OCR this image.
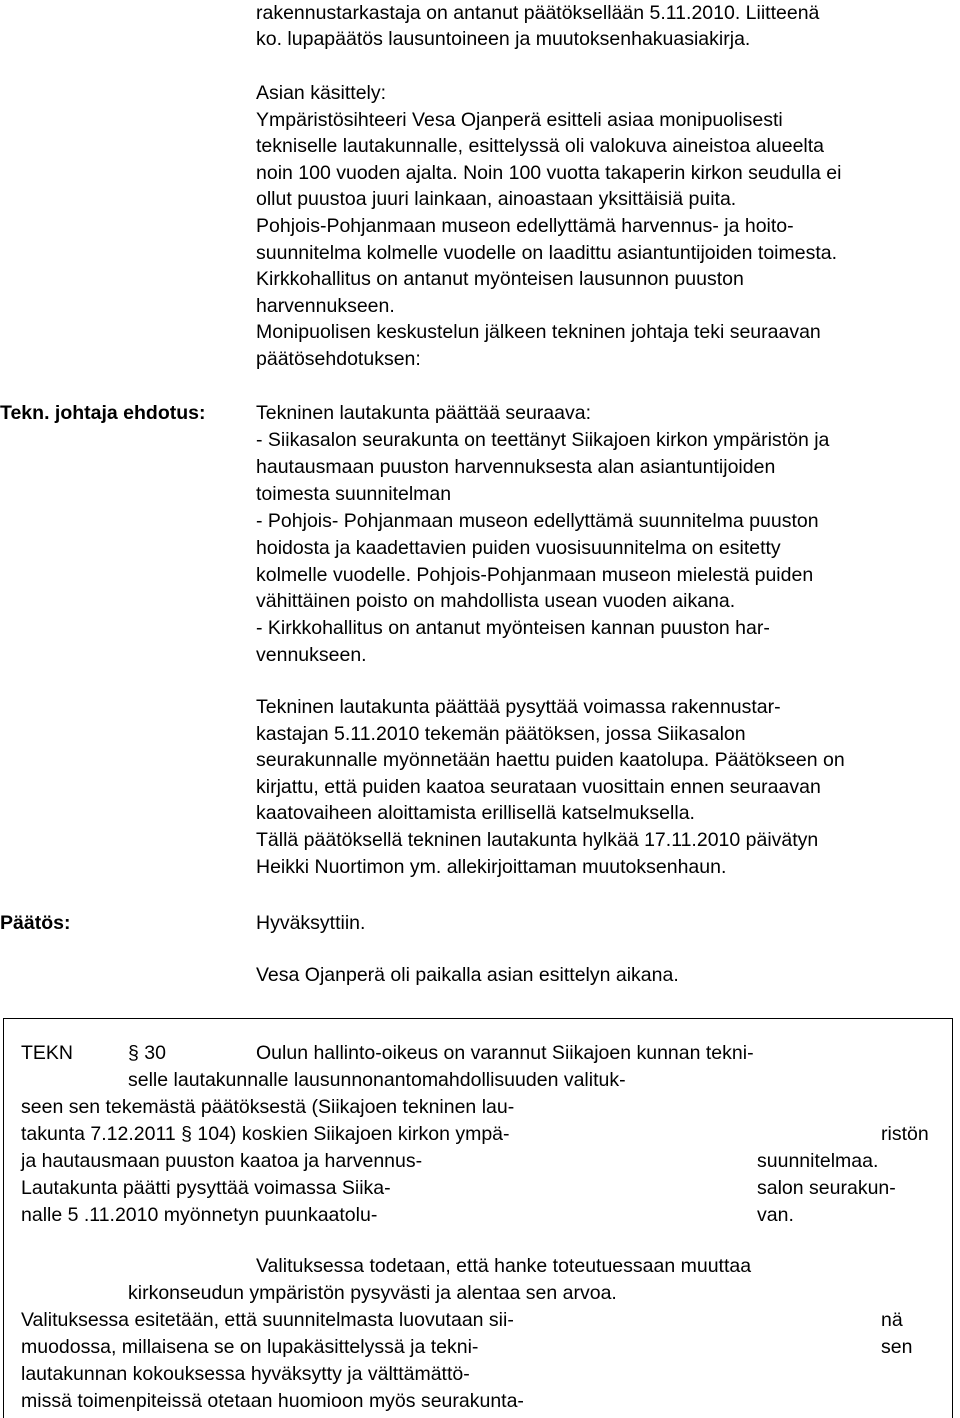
rakennustarkastaja on antanut päätöksellään 5.11.2010. Liitteenä
ko. lupapäätös lausuntoineen ja muutoksenhakuasiakirja.
Asian käsittely:
Ympäristösihteeri Vesa Ojanperä esitteli asiaa monipuolisesti
tekniselle lautakunnalle, esittelyssä oli valokuva aineistoa alueelta
noin 100 vuoden ajalta. Noin 100 vuotta takaperin kirkon seudulla ei
ollut puustoa juuri lainkaan, ainoastaan yksittäisiä puita.
Pohjois-Pohjanmaan museon edellyttämä harvennus- ja hoito-
suunnitelma kolmelle vuodelle on laadittu asiantuntijoiden toimesta.
Kirkkohallitus on antanut myönteisen lausunnon puuston
harvennukseen.
Monipuolisen keskustelun jälkeen tekninen johtaja teki seuraavan
päätösehdotuksen:
Tekn. johtaja ehdotus:	Tekninen lautakunta päättää seuraava:
- Siikasalon seurakunta on teettänyt Siikajoen kirkon ympäristön ja
hautausmaan puuston harvennuksesta alan asiantuntijoiden
toimesta suunnitelman
- Pohjois- Pohjanmaan museon edellyttämä suunnitelma puuston
hoidosta ja kaadettavien puiden vuosisuunnitelma on esitetty
kolmelle vuodelle. Pohjois-Pohjanmaan museon mielestä puiden
vähittäinen poisto on mahdollista usean vuoden aikana.
- Kirkkohallitus on antanut myönteisen kannan puuston har-
vennukseen.
Tekninen lautakunta päättää pysyttää voimassa rakennustar-
kastajan 5.11.2010 tekemän päätöksen, jossa Siikasalon
seurakunnalle myönnetään haettu puiden kaatolupa. Päätökseen on
kirjattu, että puiden kaatoa seurataan vuosittain ennen seuraavan
kaatovaiheen aloittamista erillisellä katselmuksella.
Tällä päätöksellä tekninen lautakunta hylkää 17.11.2010 päivätyn
Heikki Nuortimon ym. allekirjoittaman muutoksenhaun.
Päätös:	Hyväksyttiin.
Vesa Ojanperä oli paikalla asian esittelyn aikana.
TEKN	§ 30	Oulun hallinto-oikeus on varannut Siikajoen kunnan tekni-
selle lautakunnalle lausunnonantomahdollisuuden valituk-
seen sen tekemästä päätöksestä (Siikajoen tekninen lau-
takunta 7.12.2011 § 104) koskien Siikajoen kirkon ympä-	ristön
ja hautausmaan puuston kaatoa ja harvennus-	suunnitelmaa.
Lautakunta päätti pysyttää voimassa Siika-	salon seurakun-
nalle 5 .11.2010 myönnetyn puunkaatolu-	van.
Valituksessa todetaan, että hanke toteutuessaan muuttaa
kirkonseudun ympäristön pysyvästi ja alentaa sen arvoa.
Valituksessa esitetään, että suunnitelmasta luovutaan sii-	nä
muodossa, millaisena se on lupakäsittelyssä ja tekni-	sen
lautakunnan kokouksessa hyväksytty ja välttämättö-
missä toimenpiteissä otetaan huomioon myös seurakunta-
